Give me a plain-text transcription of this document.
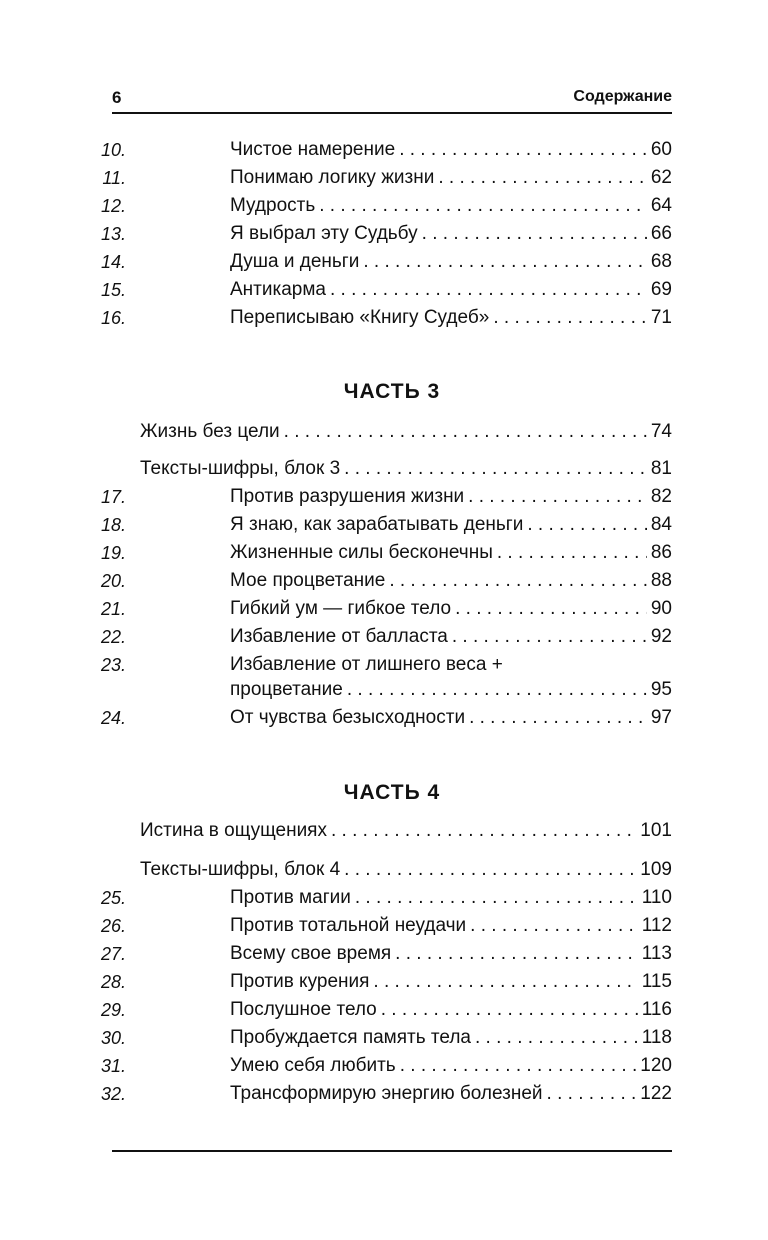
6	Содержание
10.	Чистое намерение . . .	60
11.	Понимаю логику жизни . . .	62
12.	Мудрость . . .	64
13.	Я выбрал эту Судьбу . . .	66
14.	Душа и деньги . . .	68
15.	Антикарма . . .	69
16.	Переписываю «Книгу Судеб» . . .	71
ЧАСТЬ 3
Жизнь без цели . . .	74
Тексты-шифры, блок 3 . . .	81
17.	Против разрушения жизни . . .	82
18.	Я знаю, как зарабатывать деньги . . .	84
19.	Жизненные силы бесконечны . . .	86
20.	Мое процветание . . .	88
21.	Гибкий ум — гибкое тело . . .	90
22.	Избавление от балласта . . .	92
23.	Избавление от лишнего веса +
процветание . . .	95
24.	От чувства безысходности . . .	97
ЧАСТЬ 4
Истина в ощущениях . . .	101
Тексты-шифры, блок 4 . . .	109
25.	Против магии . . .	110
26.	Против тотальной неудачи . . .	112
27.	Всему свое время . . .	113
28.	Против курения . . .	115
29.	Послушное тело . . .	116
30.	Пробуждается память тела . . .	118
31.	Умею себя любить . . .	120
32.	Трансформирую энергию болезней . . .	122
